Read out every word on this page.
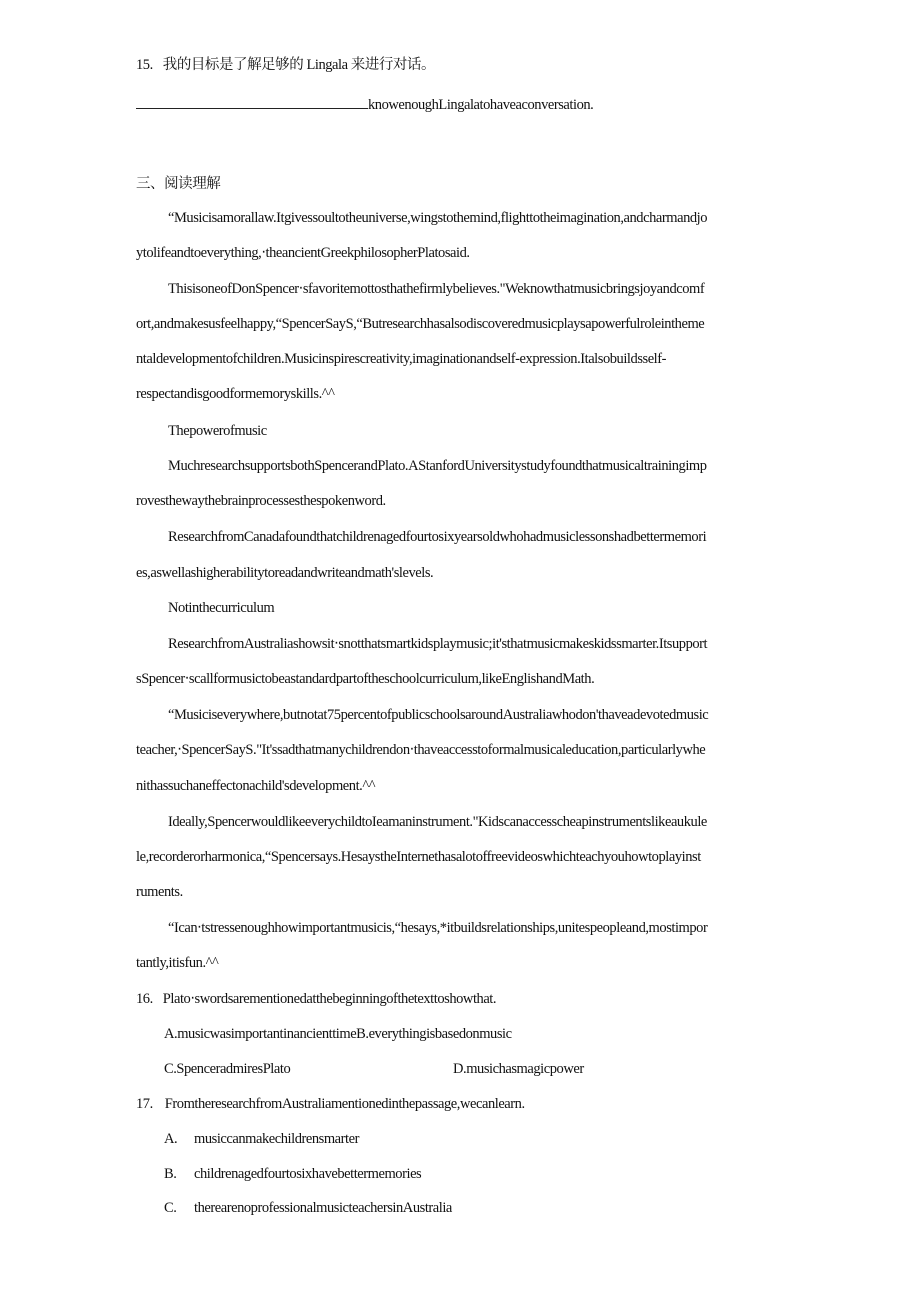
15. 我的目标是了解足够的 Lingala 来进行对话。
knowenoughLingalatohaveaconversation.
三、阅读理解
“Musicisamorallaw.Itgivessoultotheuniverse,wingstothemind,flighttotheimagination,andcharmandjo
ytolifeandtoeverything,‧theancientGreekphilosopherPlatosaid.
ThisisoneofDonSpencer‧sfavoritemottosthathefirmlybelieves."Weknowthatmusicbringsjoyandcomf
ort,andmakesusfeelhappy,“SpencerSayS,“Butresearchhasalsodiscoveredmusicplaysapowerfulroleintheme
ntaldevelopmentofchildren.Musicinspirescreativity,imaginationandself-expression.Italsobuildsself-
respectandisgoodformemoryskills.^^
Thepowerofmusic
MuchresearchsupportsbothSpencerandPlato.AStanfordUniversitystudyfoundthatmusicaltrainingimp
rovesthewaythebrainprocessesthespokenword.
ResearchfromCanadafoundthatchildrenagedfourtosixyearsoldwhohadmusiclessonshadbettermemori
es,aswellashigherabilitytoreadandwriteandmath'slevels.
Notinthecurriculum
ResearchfromAustraliashowsit‧snotthatsmartkidsplaymusic;it'sthatmusicmakeskidssmarter.Itsupport
sSpencer‧scallformusictobeastandardpartoftheschoolcurriculum,likeEnglishandMath.
“Musiciseverywhere,butnotat75percentofpublicschoolsaroundAustraliawhodon'thaveadevotedmusic
teacher,‧SpencerSayS."It'ssadthatmanychildrendon‧thaveaccesstoformalmusicaleducation,particularlywhe
nithassuchaneffectonachild'sdevelopment.^^
Ideally,SpencerwouldlikeeverychildtoIeamaninstrument."Kidscanaccesscheapinstrumentslikeaukule
le,recorderorharmonica,“Spencersays.HesaystheInternethasalotoffreevideoswhichteachyouhowtoplayinst
ruments.
“Ican‧tstressenoughhowimportantmusicis,“hesays,*itbuildsrelationships,unitespeopleand,mostimpor
tantly,itisfun.^^
16. Plato‧swordsarementionedatthebeginningofthetexttoshowthat.
A.musicwasimportantinancienttimeB.everythingisbasedonmusic
C.SpenceradmiresPlato	D.musichasmagicpower
17. FromtheresearchfromAustraliamentionedinthepassage,wecanlearn.
A. musiccanmakechildrensmarter
B. childrenagedfourtosixhavebettermemories
C. therearenoprofessionalmusicteachersinAustralia
